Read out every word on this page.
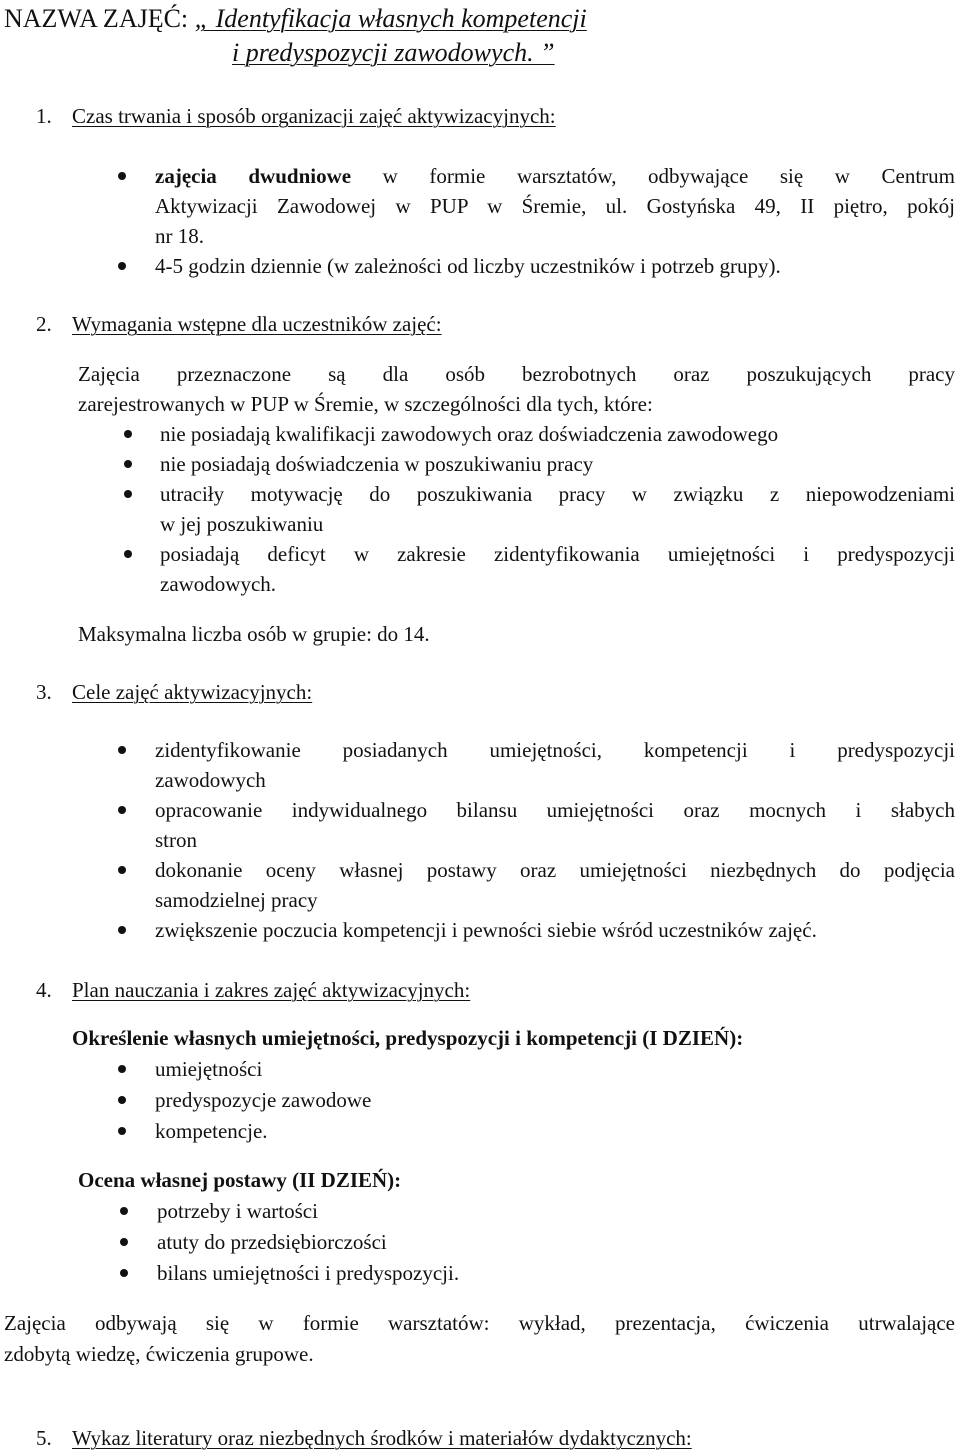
NAZWA ZAJĘĆ: „ Identyfikacja własnych kompetencji
i predyspozycji zawodowych. ”
1. Czas trwania i sposób organizacji zajęć aktywizacyjnych:
zajęcia dwudniowe w formie warsztatów, odbywające się w Centrum
Aktywizacji Zawodowej w PUP w Śremie, ul. Gostyńska 49, II piętro, pokój
nr 18.
4-5 godzin dziennie (w zależności od liczby uczestników i potrzeb grupy).
2. Wymagania wstępne dla uczestników zajęć:
Zajęcia przeznaczone są dla osób bezrobotnych oraz poszukujących pracy
zarejestrowanych w PUP w Śremie, w szczególności dla tych, które:
nie posiadają kwalifikacji zawodowych oraz doświadczenia zawodowego
nie posiadają doświadczenia w poszukiwaniu pracy
utraciły motywację do poszukiwania pracy w związku z niepowodzeniami
w jej poszukiwaniu
posiadają deficyt w zakresie zidentyfikowania umiejętności i predyspozycji
zawodowych.
Maksymalna liczba osób w grupie: do 14.
3. Cele zajęć aktywizacyjnych:
zidentyfikowanie posiadanych umiejętności, kompetencji i predyspozycji
zawodowych
opracowanie indywidualnego bilansu umiejętności oraz mocnych i słabych
stron
dokonanie oceny własnej postawy oraz umiejętności niezbędnych do podjęcia
samodzielnej pracy
zwiększenie poczucia kompetencji i pewności siebie wśród uczestników zajęć.
4. Plan nauczania i zakres zajęć aktywizacyjnych:
Określenie własnych umiejętności, predyspozycji i kompetencji (I DZIEŃ):
umiejętności
predyspozycje zawodowe
kompetencje.
Ocena własnej postawy (II DZIEŃ):
potrzeby i wartości
atuty do przedsiębiorczości
bilans umiejętności i predyspozycji.
Zajęcia odbywają się w formie warsztatów: wykład, prezentacja, ćwiczenia utrwalające
zdobytą wiedzę, ćwiczenia grupowe.
5. Wykaz literatury oraz niezbędnych środków i materiałów dydaktycznych:
